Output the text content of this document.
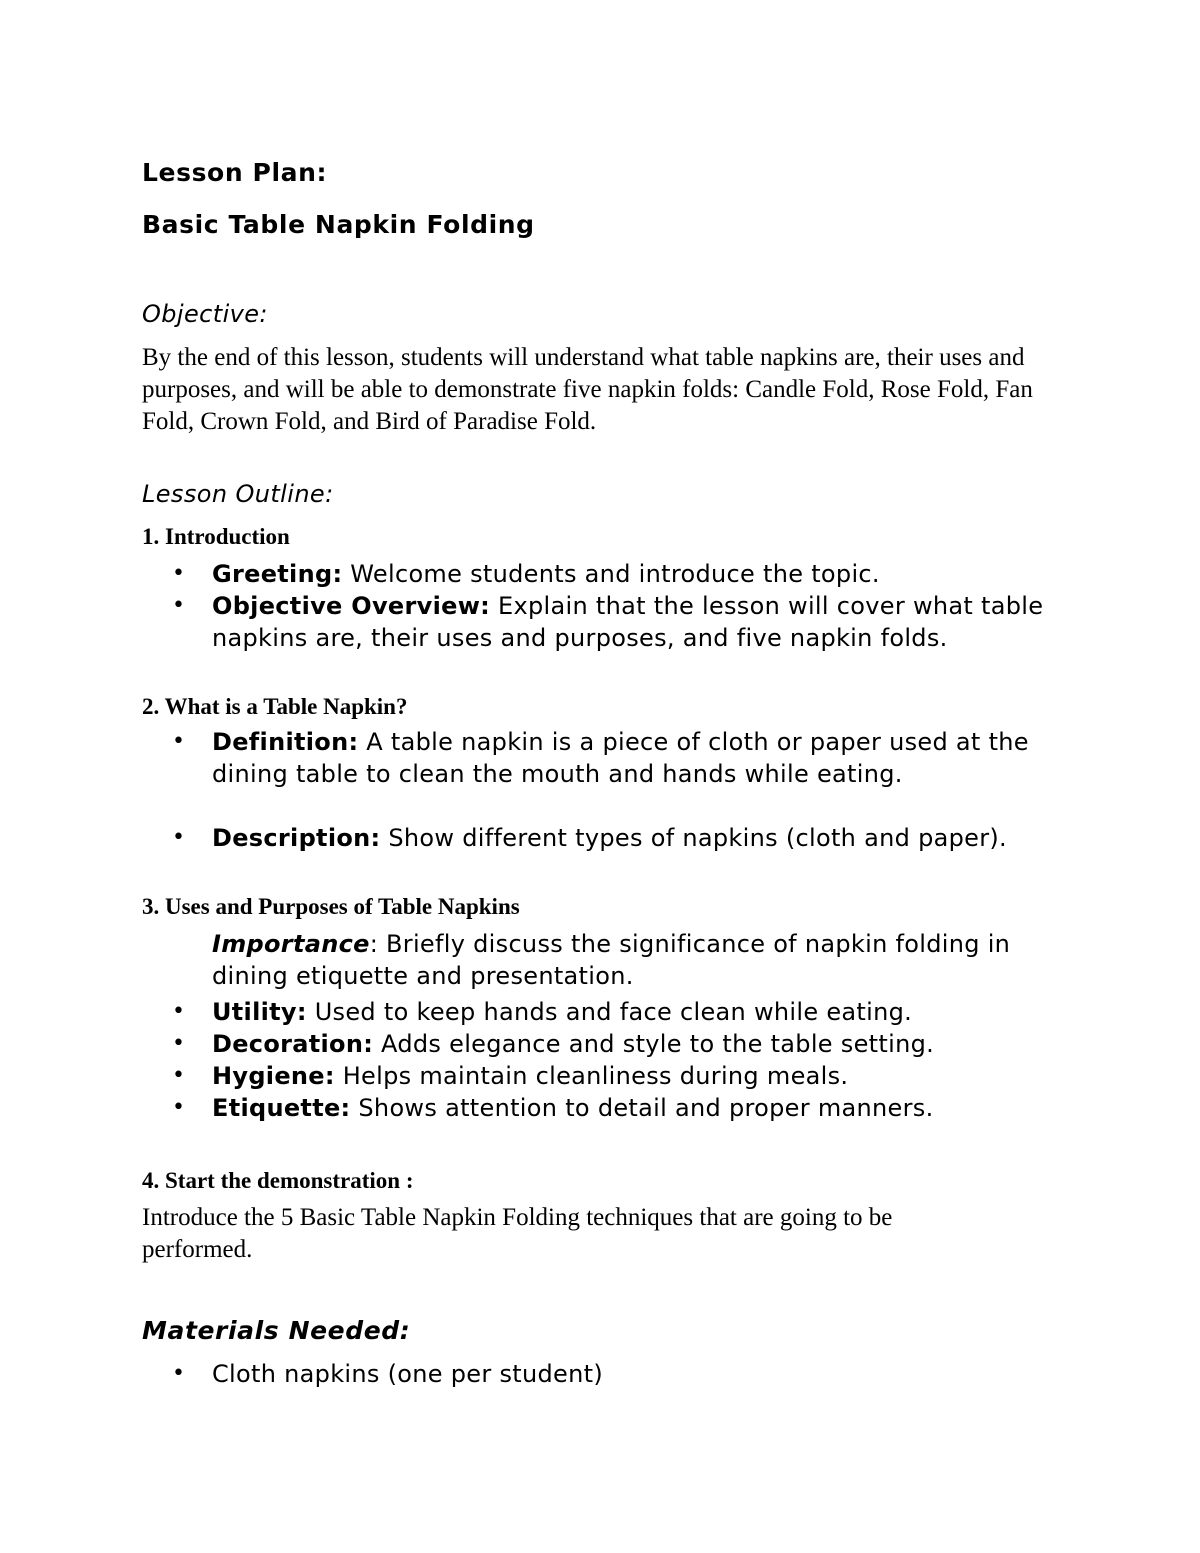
Lesson Plan:
Basic Table Napkin Folding
Objective:
By the end of this lesson, students will understand what table napkins are, their uses and purposes, and will be able to demonstrate five napkin folds: Candle Fold, Rose Fold, Fan Fold, Crown Fold, and Bird of Paradise Fold.
Lesson Outline:
1. Introduction
• Greeting: Welcome students and introduce the topic.
• Objective Overview: Explain that the lesson will cover what table napkins are, their uses and purposes, and five napkin folds.
2. What is a Table Napkin?
• Definition: A table napkin is a piece of cloth or paper used at the dining table to clean the mouth and hands while eating.
• Description: Show different types of napkins (cloth and paper).
3. Uses and Purposes of Table Napkins
Importance: Briefly discuss the significance of napkin folding in dining etiquette and presentation.
• Utility: Used to keep hands and face clean while eating.
• Decoration: Adds elegance and style to the table setting.
• Hygiene: Helps maintain cleanliness during meals.
• Etiquette: Shows attention to detail and proper manners.
4. Start the demonstration :
Introduce the 5 Basic Table Napkin Folding techniques that are going to be performed.
Materials Needed:
• Cloth napkins (one per student)
